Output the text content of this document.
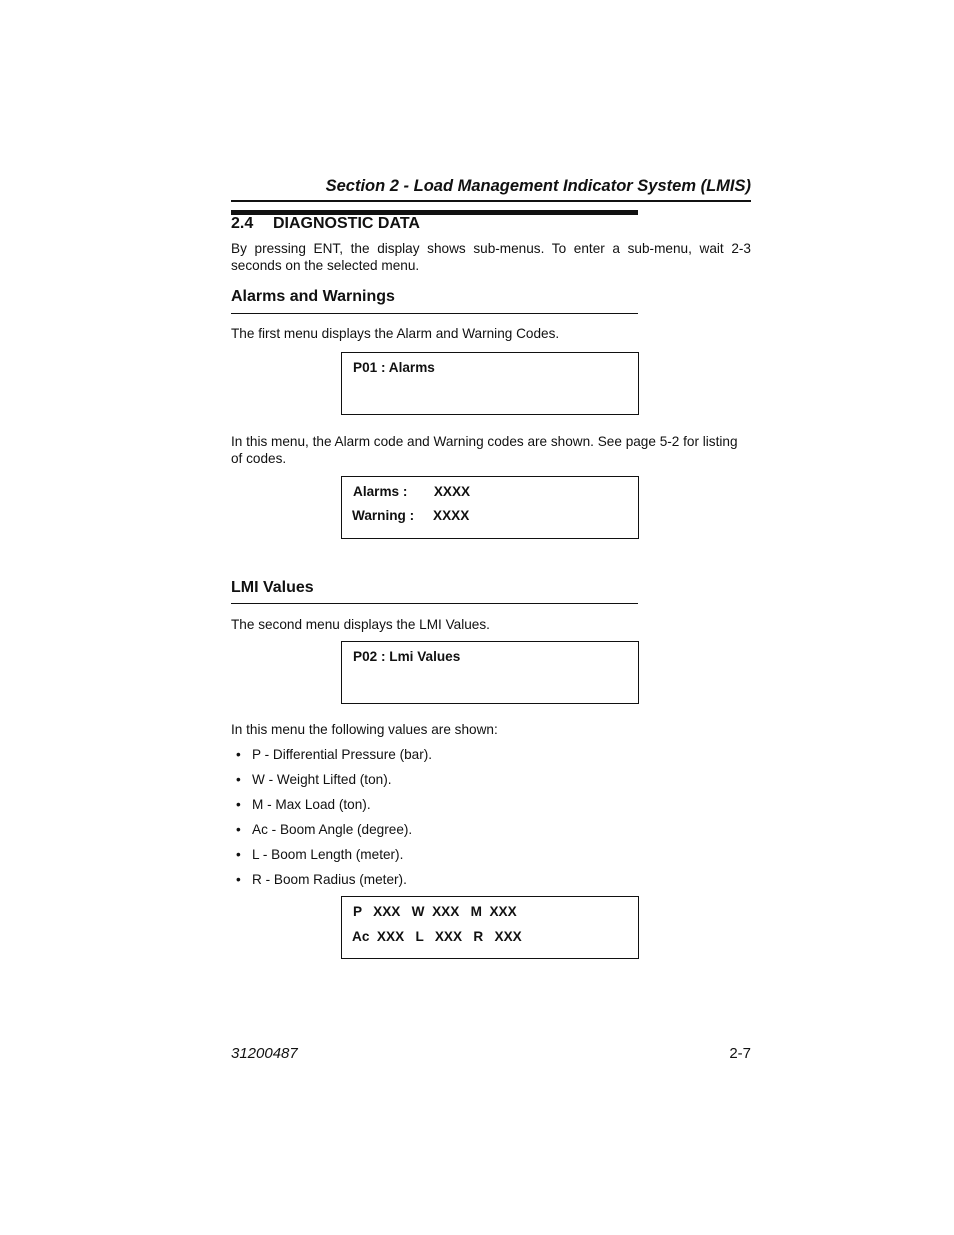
Section 2 - Load Management Indicator System (LMIS)
2.4 DIAGNOSTIC DATA
By pressing ENT, the display shows sub-menus. To enter a sub-menu, wait 2-3 seconds on the selected menu.
Alarms and Warnings
The first menu displays the Alarm and Warning Codes.
P01 : Alarms
In this menu, the Alarm code and Warning codes are shown. See page 5-2 for listing of codes.
Alarms :       XXXX
Warning :     XXXX
LMI Values
The second menu displays the LMI Values.
P02 : Lmi Values
In this menu the following values are shown:
• P - Differential Pressure (bar).
• W - Weight Lifted (ton).
• M - Max Load (ton).
• Ac - Boom Angle (degree).
• L - Boom Length (meter).
• R - Boom Radius (meter).
P   XXX   W  XXX   M  XXX
Ac  XXX   L   XXX   R   XXX
31200487	2-7
